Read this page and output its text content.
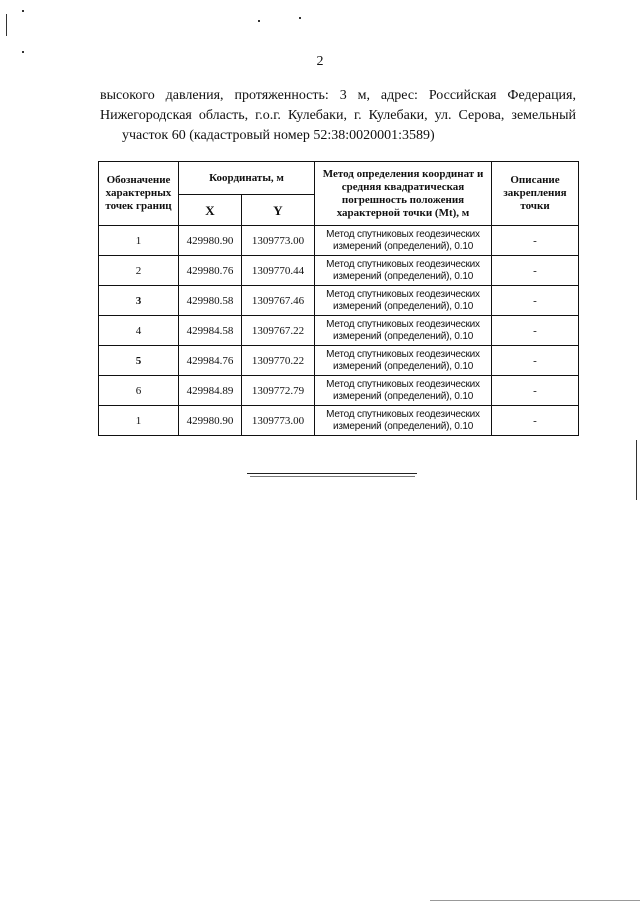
2

высокого давления, протяженность: 3 м, адрес: Российская Федерация,

Нижегородская область, г.о.г. Кулебаки, г. Кулебаки, ул. Серова, земельный

участок 60 (кадастровый номер 52:38:0020001:3589)

Обозначение характерных точек границ	Координаты, м		Метод определения координат и средняя квадратическая погрешность положения характерной точки (Mt), м	Описание закрепления точки
	X	Y		
1	429980.90	1309773.00	Метод спутниковых геодезических измерений (определений), 0.10	-
2	429980.76	1309770.44	Метод спутниковых геодезических измерений (определений), 0.10	-
3	429980.58	1309767.46	Метод спутниковых геодезических измерений (определений), 0.10	-
4	429984.58	1309767.22	Метод спутниковых геодезических измерений (определений), 0.10	-
5	429984.76	1309770.22	Метод спутниковых геодезических измерений (определений), 0.10	-
6	429984.89	1309772.79	Метод спутниковых геодезических измерений (определений), 0.10	-
1	429980.90	1309773.00	Метод спутниковых геодезических измерений (определений), 0.10	-
